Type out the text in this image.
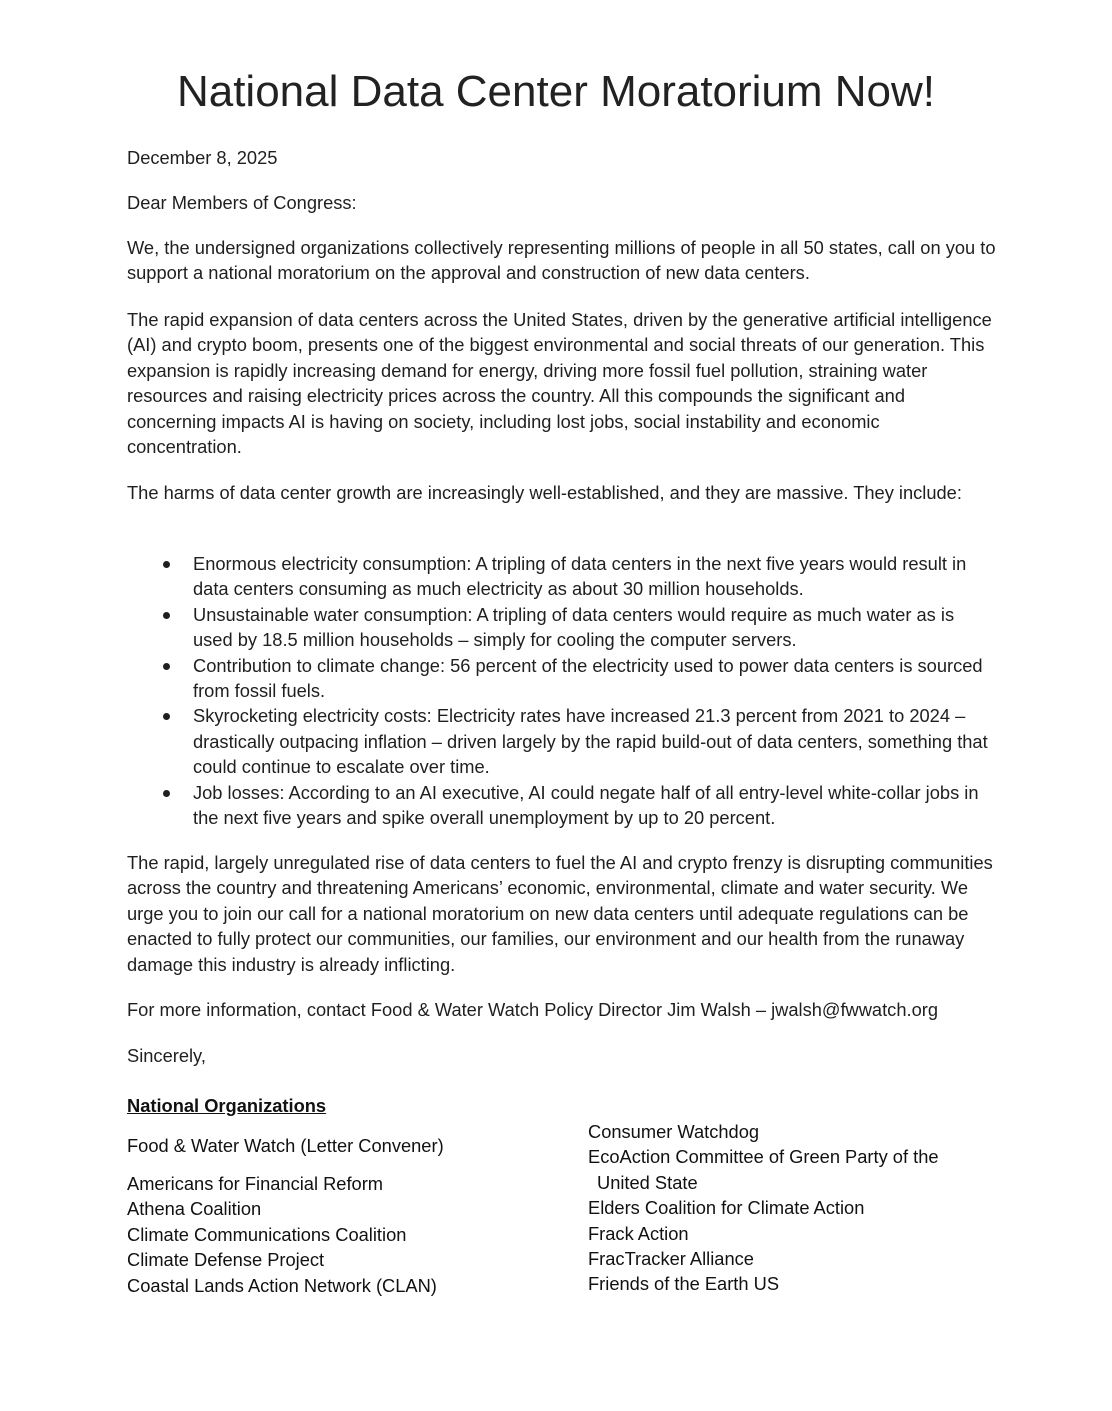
National Data Center Moratorium Now!

December 8, 2025

Dear Members of Congress:

We, the undersigned organizations collectively representing millions of people in all 50 states, call on you to support a national moratorium on the approval and construction of new data centers.

The rapid expansion of data centers across the United States, driven by the generative artificial intelligence (AI) and crypto boom, presents one of the biggest environmental and social threats of our generation. This expansion is rapidly increasing demand for energy, driving more fossil fuel pollution, straining water resources and raising electricity prices across the country. All this compounds the significant and concerning impacts AI is having on society, including lost jobs, social instability and economic concentration.

The harms of data center growth are increasingly well-established, and they are massive. They include:

Enormous electricity consumption: A tripling of data centers in the next five years would result in data centers consuming as much electricity as about 30 million households.
Unsustainable water consumption: A tripling of data centers would require as much water as is used by 18.5 million households – simply for cooling the computer servers.
Contribution to climate change: 56 percent of the electricity used to power data centers is sourced from fossil fuels.
Skyrocketing electricity costs: Electricity rates have increased 21.3 percent from 2021 to 2024 – drastically outpacing inflation – driven largely by the rapid build-out of data centers, something that could continue to escalate over time.
Job losses: According to an AI executive, AI could negate half of all entry-level white-collar jobs in the next five years and spike overall unemployment by up to 20 percent.

The rapid, largely unregulated rise of data centers to fuel the AI and crypto frenzy is disrupting communities across the country and threatening Americans’ economic, environmental, climate and water security. We urge you to join our call for a national moratorium on new data centers until adequate regulations can be enacted to fully protect our communities, our families, our environment and our health from the runaway damage this industry is already inflicting.

For more information, contact Food & Water Watch Policy Director Jim Walsh – jwalsh@fwwatch.org

Sincerely,

National Organizations

Food & Water Watch (Letter Convener)

Americans for Financial Reform
Athena Coalition
Climate Communications Coalition
Climate Defense Project
Coastal Lands Action Network (CLAN)
Consumer Watchdog
EcoAction Committee of Green Party of the
United State
Elders Coalition for Climate Action
Frack Action
FracTracker Alliance
Friends of the Earth US
